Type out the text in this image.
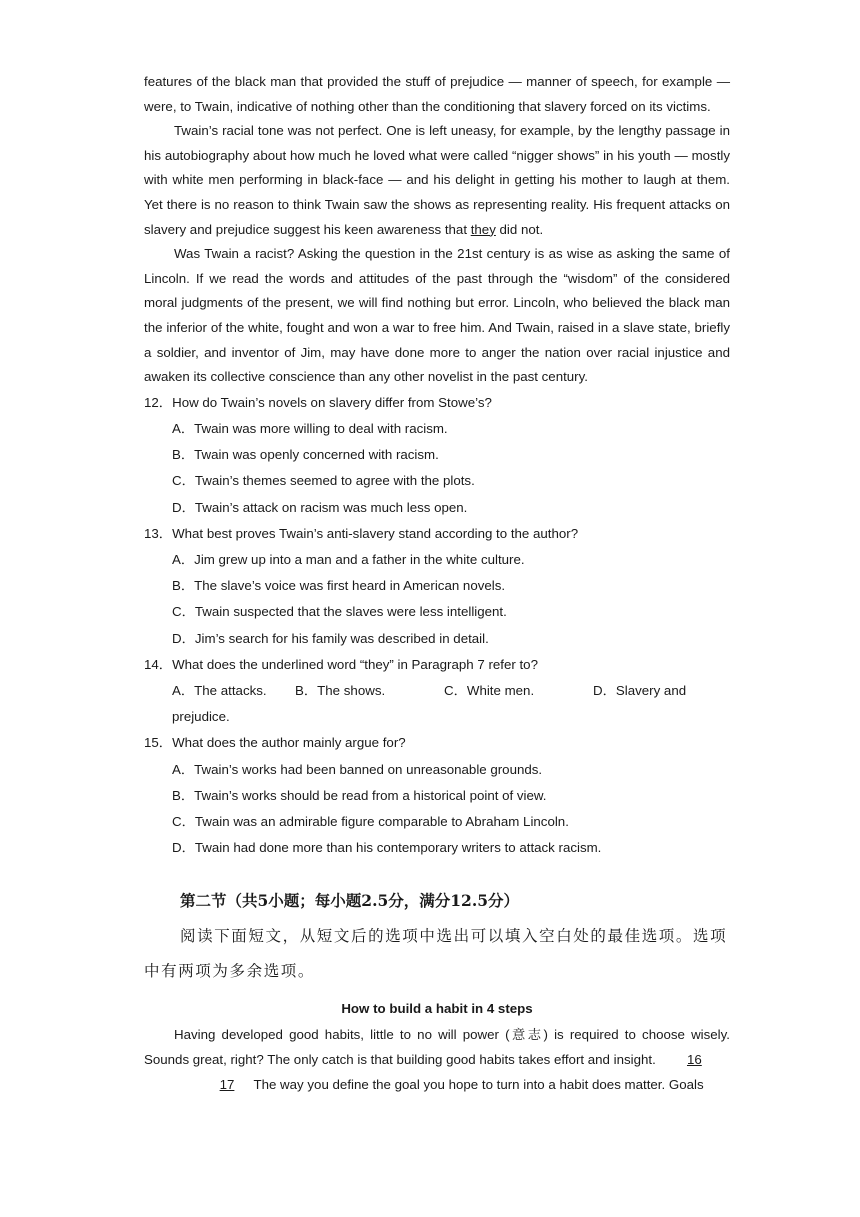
features of the black man that provided the stuff of prejudice — manner of speech, for example — were, to Twain, indicative of nothing other than the conditioning that slavery forced on its victims.

Twain’s racial tone was not perfect. One is left uneasy, for example, by the lengthy passage in his autobiography about how much he loved what were called “nigger shows” in his youth — mostly with white men performing in black-face — and his delight in getting his mother to laugh at them. Yet there is no reason to think Twain saw the shows as representing reality. His frequent attacks on slavery and prejudice suggest his keen awareness that they did not.

Was Twain a racist? Asking the question in the 21st century is as wise as asking the same of Lincoln. If we read the words and attitudes of the past through the “wisdom” of the considered moral judgments of the present, we will find nothing but error. Lincoln, who believed the black man the inferior of the white, fought and won a war to free him. And Twain, raised in a slave state, briefly a soldier, and inventor of Jim, may have done more to anger the nation over racial injustice and awaken its collective conscience than any other novelist in the past century.

12．How do Twain’s novels on slavery differ from Stowe’s?

A．Twain was more willing to deal with racism.

B．Twain was openly concerned with racism.

C．Twain’s themes seemed to agree with the plots.

D．Twain’s attack on racism was much less open.

13．What best proves Twain’s anti-slavery stand according to the author?

A．Jim grew up into a man and a father in the white culture.

B．The slave’s voice was first heard in American novels.

C．Twain suspected that the slaves were less intelligent.

D．Jim’s search for his family was described in detail.

14．What does the underlined word “they” in Paragraph 7 refer to?

A．The attacks.	B．The shows.	C．White men.	D．Slavery and

prejudice.

15．What does the author mainly argue for?

A．Twain’s works had been banned on unreasonable grounds.

B．Twain’s works should be read from a historical point of view.

C．Twain was an admirable figure comparable to Abraham Lincoln.

D．Twain had done more than his contemporary writers to attack racism.

第二节（共5小题；每小题2.5分，满分12.5分）

阅读下面短文，从短文后的选项中选出可以填入空白处的最佳选项。选项中有两项为多余选项。

How to build a habit in 4 steps

Having developed good habits, little to no will power (意志) is required to choose wisely. Sounds great, right? The only catch is that building good habits takes effort and insight. 16
17 The way you define the goal you hope to turn into a habit does matter. Goals
